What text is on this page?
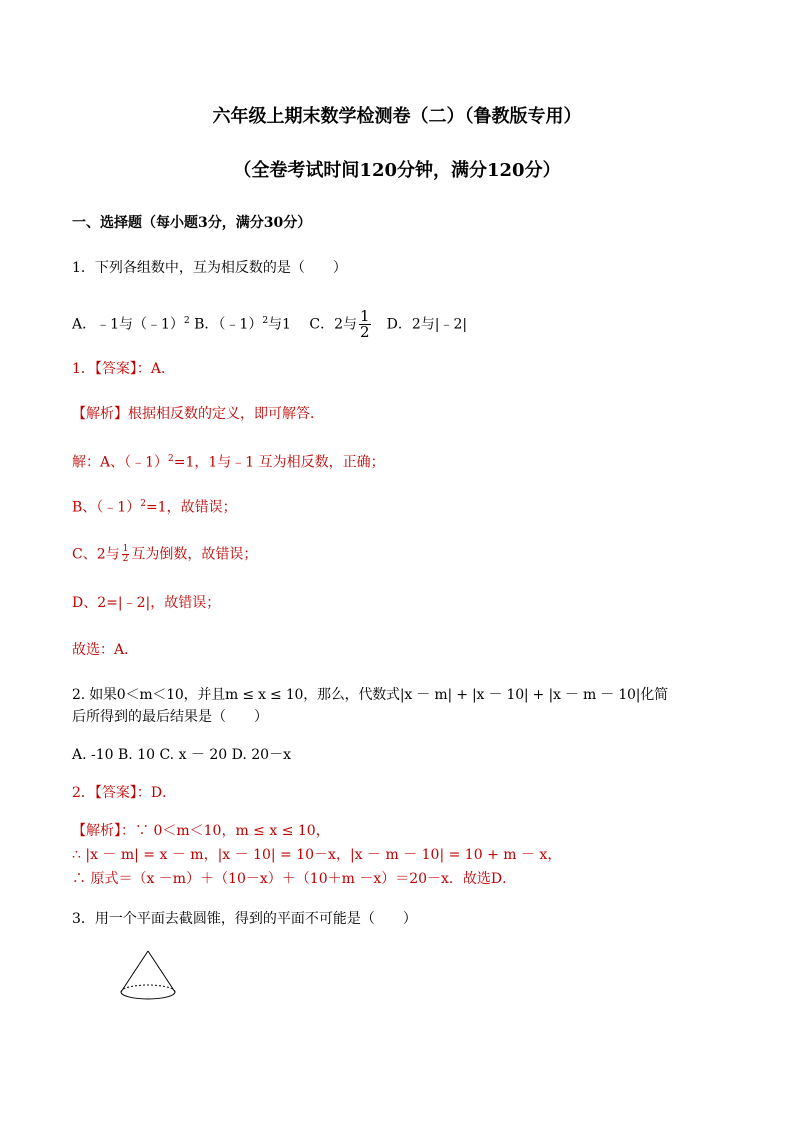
六年级上期末数学检测卷（二）（鲁教版专用）
（全卷考试时间120分钟，满分120分）
一、选择题（每小题3分，满分30分）
1．下列各组数中，互为相反数的是（　　）
A．﹣1与（﹣1）$^2$ B．（﹣1）$^2$与1　 C．2与 $\frac{1}{2}$ 　D．2与|﹣2|
1．【答案】：A．
【解析】根据相反数的定义，即可解答．
解：A、（﹣1）$^2$=1，1与﹣1 互为相反数，正确；
B、（﹣1）$^2$=1，故错误；
C、2与 $\frac{1}{2}$ 互为倒数，故错误；
D、2=|﹣2|，故错误；
故选：A．
2. 如果0＜m＜10，并且m ≤ x ≤ 10，那么，代数式|x － m| + |x － 10| + |x － m － 10|化简
后所得到的最后结果是（　　）
A. -10 B. 10 C. x － 20 D. 20－x
2．【答案】：D．
【解析】：∵ 0＜m＜10，m ≤ x ≤ 10，
∴ |x － m| = x － m，|x － 10| = 10－x，|x － m － 10| = 10 + m － x，
∴ 原式＝（x －m）＋（10－x）＋（10＋m －x）＝20－x．故选D．
3．用一个平面去截圆锥，得到的平面不可能是（　　）
